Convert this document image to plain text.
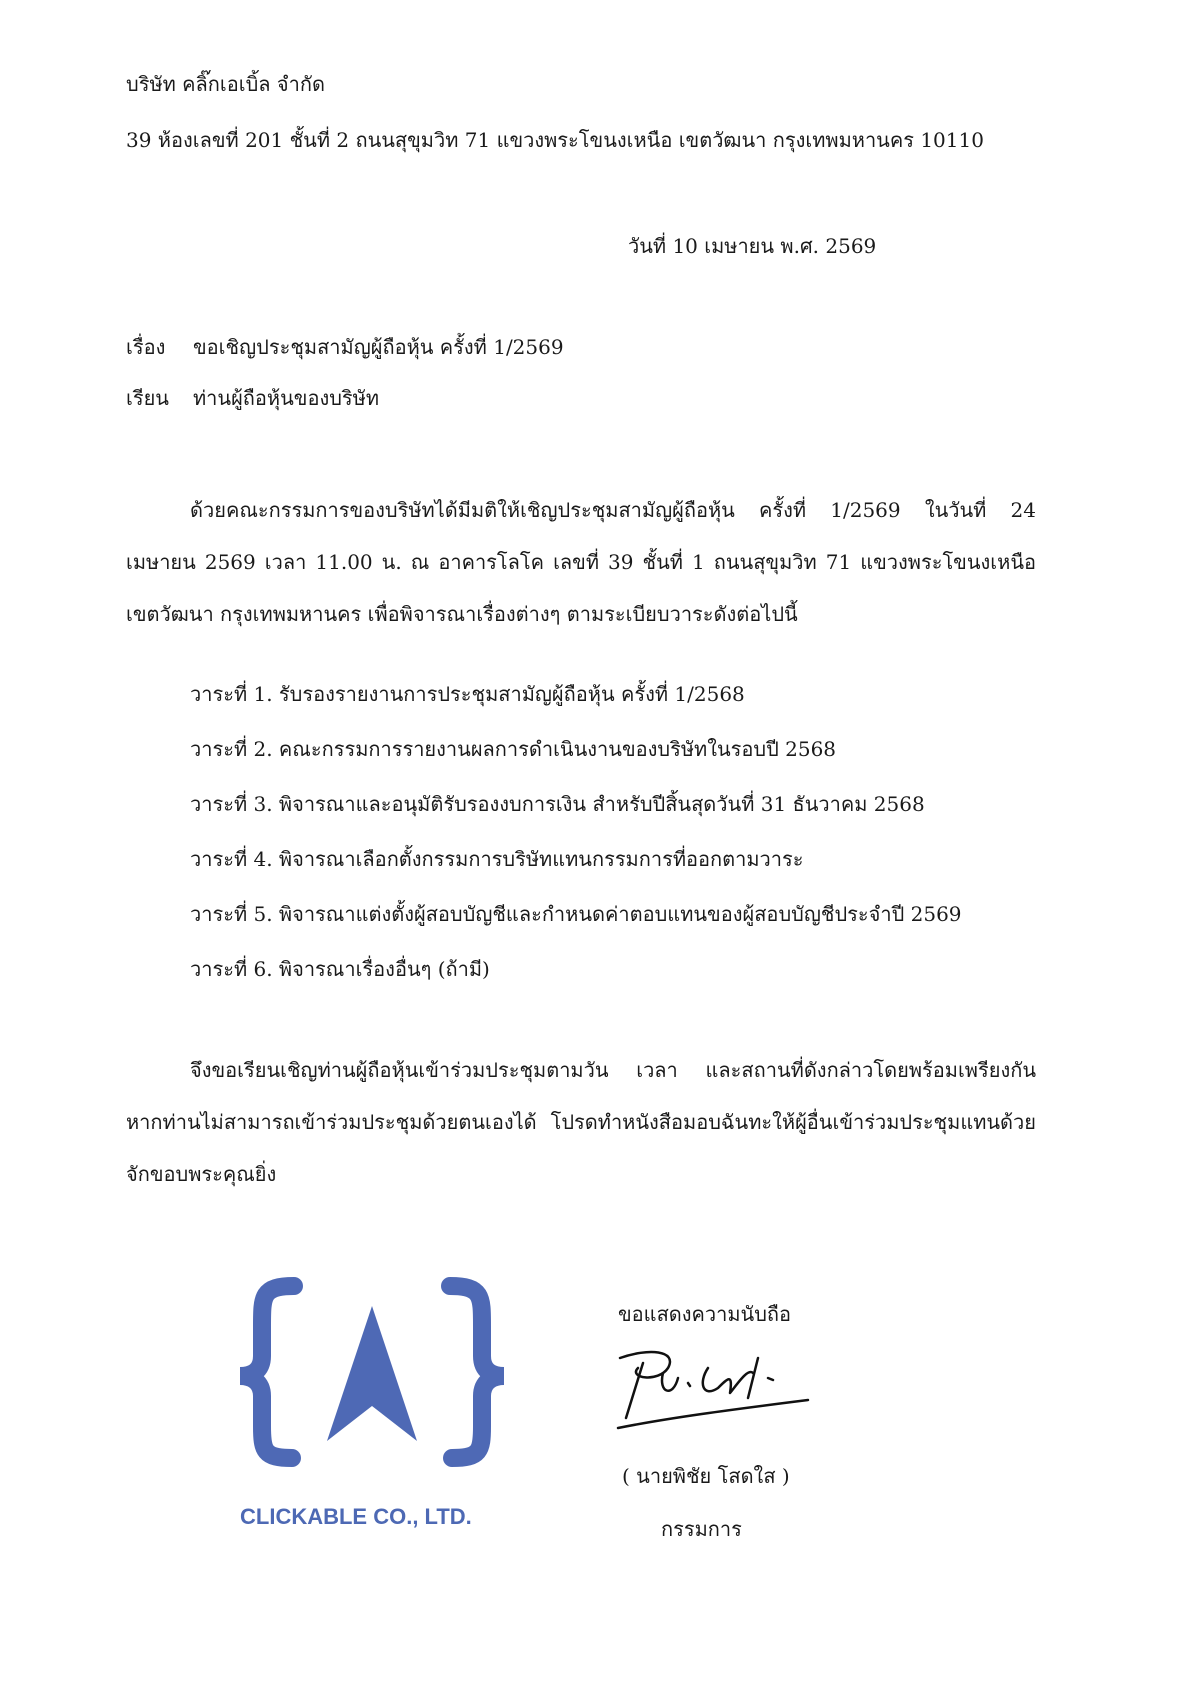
บริษัท คลิ๊กเอเบิ้ล จำกัด
39 ห้องเลขที่ 201 ชั้นที่ 2 ถนนสุขุมวิท 71 แขวงพระโขนงเหนือ เขตวัฒนา กรุงเทพมหานคร 10110
วันที่ 10 เมษายน พ.ศ. 2569
เรื่อง ขอเชิญประชุมสามัญผู้ถือหุ้น ครั้งที่ 1/2569
เรียน ท่านผู้ถือหุ้นของบริษัท
ด้วยคณะกรรมการของบริษัทได้มีมติให้เชิญประชุมสามัญผู้ถือหุ้น ครั้งที่ 1/2569 ในวันที่ 24 เมษายน 2569 เวลา 11.00 น. ณ อาคารโลโค เลขที่ 39 ชั้นที่ 1 ถนนสุขุมวิท 71 แขวงพระโขนงเหนือ เขตวัฒนา กรุงเทพมหานคร เพื่อพิจารณาเรื่องต่างๆ ตามระเบียบวาระดังต่อไปนี้
วาระที่ 1. รับรองรายงานการประชุมสามัญผู้ถือหุ้น ครั้งที่ 1/2568
วาระที่ 2. คณะกรรมการรายงานผลการดำเนินงานของบริษัทในรอบปี 2568
วาระที่ 3. พิจารณาและอนุมัติรับรองงบการเงิน สำหรับปีสิ้นสุดวันที่ 31 ธันวาคม 2568
วาระที่ 4. พิจารณาเลือกตั้งกรรมการบริษัทแทนกรรมการที่ออกตามวาระ
วาระที่ 5. พิจารณาแต่งตั้งผู้สอบบัญชีและกำหนดค่าตอบแทนของผู้สอบบัญชีประจำปี 2569
วาระที่ 6. พิจารณาเรื่องอื่นๆ (ถ้ามี)
จึงขอเรียนเชิญท่านผู้ถือหุ้นเข้าร่วมประชุมตามวัน เวลา และสถานที่ดังกล่าวโดยพร้อมเพรียงกัน หากท่านไม่สามารถเข้าร่วมประชุมด้วยตนเองได้ โปรดทำหนังสือมอบฉันทะให้ผู้อื่นเข้าร่วมประชุมแทนด้วย จักขอบพระคุณยิ่ง
CLICKABLE CO., LTD.
ขอแสดงความนับถือ
( นายพิชัย โสดใส )
กรรมการ
